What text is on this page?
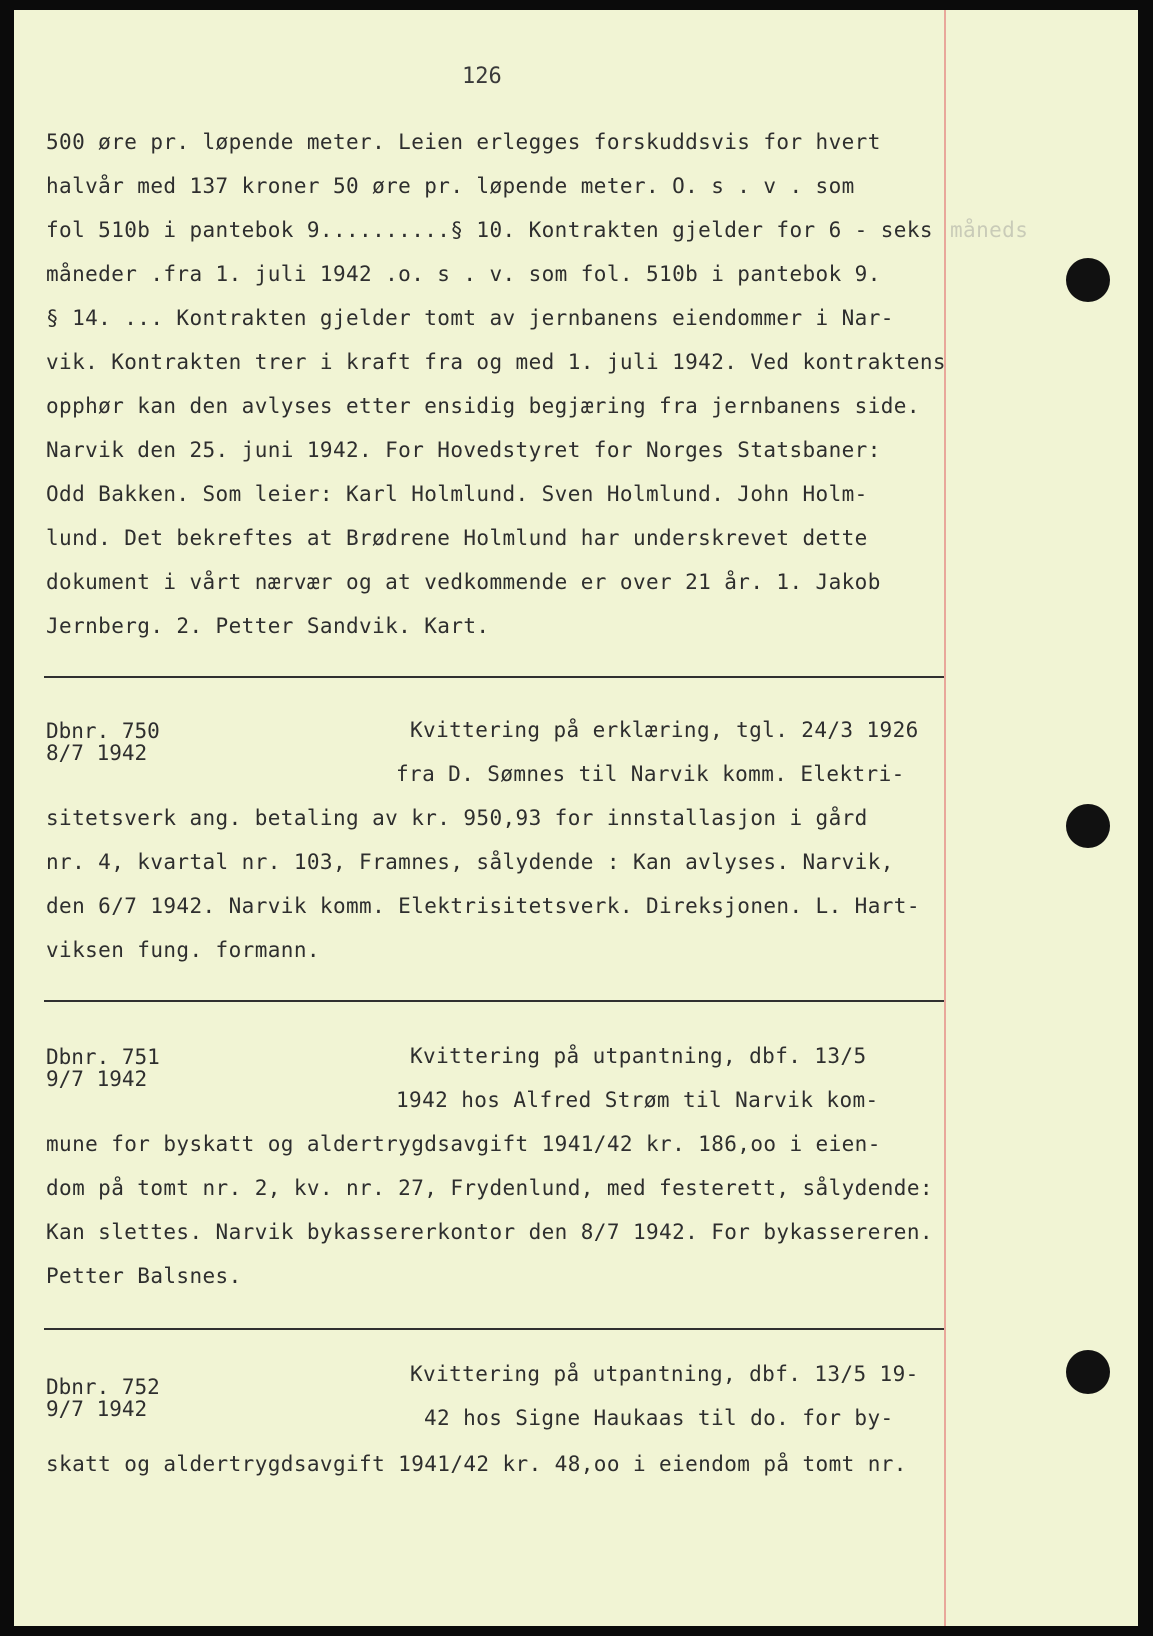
126
500 øre pr. løpende meter. Leien erlegges forskuddsvis for hvert
halvår med 137 kroner 50 øre pr. løpende meter. O. s . v . som
fol 510b i pantebok 9..........§ 10. Kontrakten gjelder for 6 - seks måneds
måneder .fra 1. juli 1942 .o. s . v. som fol. 510b i pantebok 9.
§ 14. ... Kontrakten gjelder tomt av jernbanens eiendommer i Nar-
vik. Kontrakten trer i kraft fra og med 1. juli 1942. Ved kontraktens
opphør kan den avlyses etter ensidig begjæring fra jernbanens side.
Narvik den 25. juni 1942. For Hovedstyret for Norges Statsbaner:
Odd Bakken. Som leier: Karl Holmlund. Sven Holmlund. John Holm-
lund. Det bekreftes at Brødrene Holmlund har underskrevet dette
dokument i vårt nærvær og at vedkommende er over 21 år. 1. Jakob
Jernberg. 2. Petter Sandvik. Kart.
Dbnr. 750
8/7 1942
Kvittering på erklæring, tgl. 24/3 1926
fra D. Sømnes til Narvik komm. Elektri-
sitetsverk ang. betaling av kr. 950,93 for innstallasjon i gård
nr. 4, kvartal nr. 103, Framnes, sålydende : Kan avlyses. Narvik,
den 6/7 1942. Narvik komm. Elektrisitetsverk. Direksjonen. L. Hart-
viksen fung. formann.
Dbnr. 751
9/7 1942
Kvittering på utpantning, dbf. 13/5
1942 hos Alfred Strøm til Narvik kom-
mune for byskatt og aldertrygdsavgift 1941/42 kr. 186,oo i eien-
dom på tomt nr. 2, kv. nr. 27, Frydenlund, med festerett, sålydende:
Kan slettes. Narvik bykassererkontor den 8/7 1942. For bykassereren.
Petter Balsnes.
Dbnr. 752
9/7 1942
Kvittering på utpantning, dbf. 13/5 19-
42 hos Signe Haukaas til do. for by-
skatt og aldertrygdsavgift 1941/42 kr. 48,oo i eiendom på tomt nr.
